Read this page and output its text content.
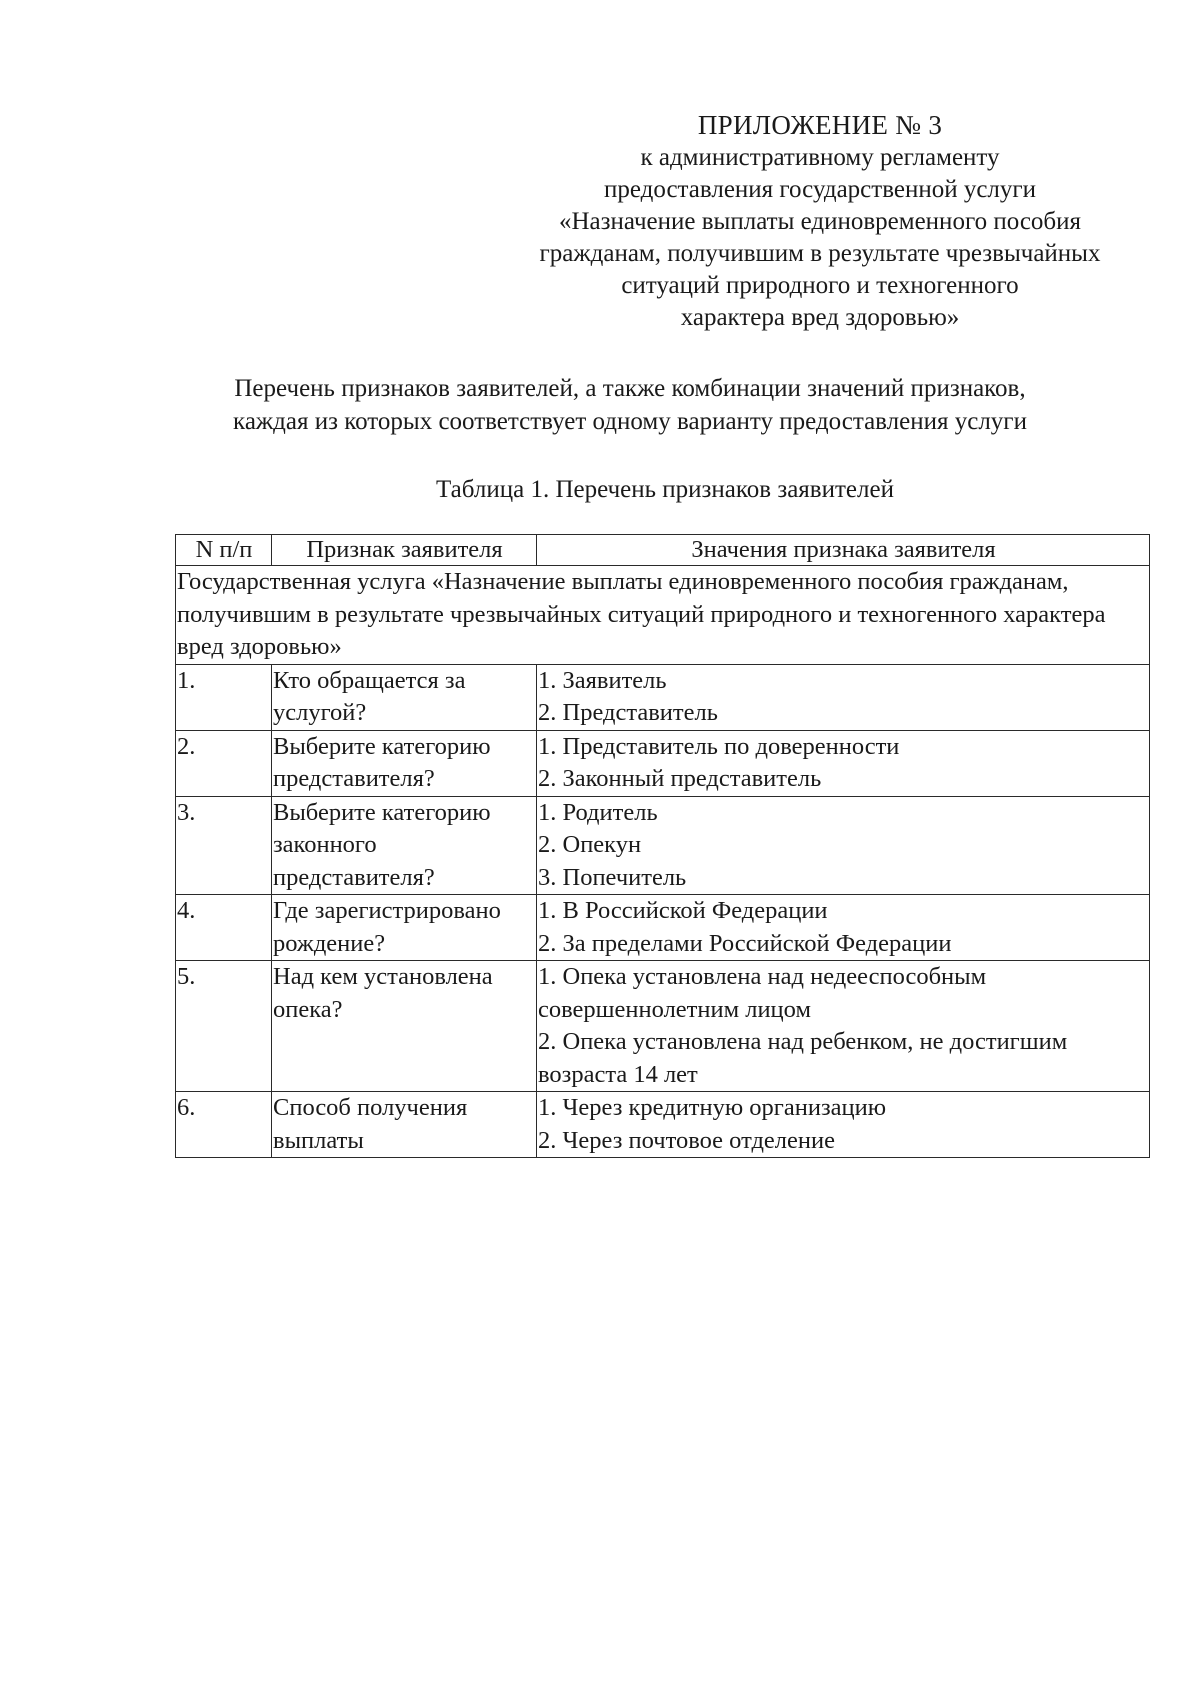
ПРИЛОЖЕНИЕ № 3
к административному регламенту
предоставления государственной услуги
«Назначение выплаты единовременного пособия
гражданам, получившим в результате чрезвычайных
ситуаций природного и техногенного
характера вред здоровью»
Перечень признаков заявителей, а также комбинации значений признаков,
каждая из которых соответствует одному варианту предоставления услуги
Таблица 1. Перечень признаков заявителей
N п/п	Признак заявителя	Значения признака заявителя
Государственная услуга «Назначение выплаты единовременного пособия гражданам, получившим в результате чрезвычайных ситуаций природного и техногенного характера вред здоровью»		
1.	Кто обращается за услугой?	1. Заявитель
2. Представитель

2.	Выберите категорию представителя?	1. Представитель по доверенности
2. Законный представитель

3.	Выберите категорию законного представителя?	1. Родитель
2. Опекун
3. Попечитель

4.	Где зарегистрировано рождение?	1. В Российской Федерации
2. За пределами Российской Федерации

5.	Над кем установлена опека?	1. Опека установлена над недееспособным совершеннолетним лицом
2. Опека установлена над ребенком, не достигшим возраста 14 лет

6.	Способ получения выплаты	1. Через кредитную организацию
2. Через почтовое отделение
